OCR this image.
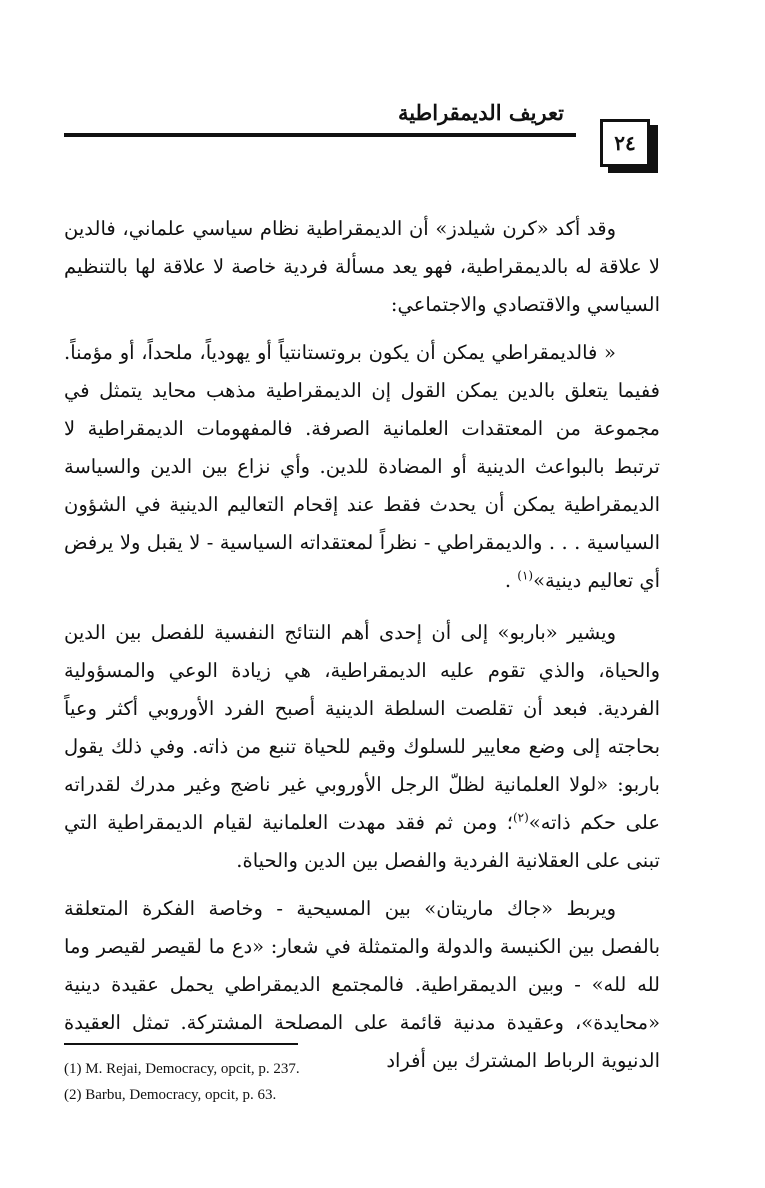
تعريف الديمقراطية
٢٤

وقد أكد «كرن شيلدز» أن الديمقراطية نظام سياسي علماني، فالدين لا علاقة له بالديمقراطية، فهو يعد مسألة فردية خاصة لا علاقة لها بالتنظيم السياسي والاقتصادي والاجتماعي:

« فالديمقراطي يمكن أن يكون بروتستانتياً أو يهودياً، ملحداً، أو مؤمناً. ففيما يتعلق بالدين يمكن القول إن الديمقراطية مذهب محايد يتمثل في مجموعة من المعتقدات العلمانية الصرفة. فالمفهومات الديمقراطية لا ترتبط بالبواعث الدينية أو المضادة للدين. وأي نزاع بين الدين والسياسة الديمقراطية يمكن أن يحدث فقط عند إقحام التعاليم الدينية في الشؤون السياسية . . . والديمقراطي - نظراً لمعتقداته السياسية - لا يقبل ولا يرفض أي تعاليم دينية»$^{(١)}$ .

ويشير «باربو» إلى أن إحدى أهم النتائج النفسية للفصل بين الدين والحياة، والذي تقوم عليه الديمقراطية، هي زيادة الوعي والمسؤولية الفردية. فبعد أن تقلصت السلطة الدينية أصبح الفرد الأوروبي أكثر وعياً بحاجته إلى وضع معايير للسلوك وقيم للحياة تنبع من ذاته. وفي ذلك يقول باربو: «لولا العلمانية لظلّ الرجل الأوروبي غير ناضج وغير مدرك لقدراته على حكم ذاته»$^{(٢)}$؛ ومن ثم فقد مهدت العلمانية لقيام الديمقراطية التي تبنى على العقلانية الفردية والفصل بين الدين والحياة.

ويربط «جاك ماريتان» بين المسيحية - وخاصة الفكرة المتعلقة بالفصل بين الكنيسة والدولة والمتمثلة في شعار: «دع ما لقيصر لقيصر وما لله لله» - وبين الديمقراطية. فالمجتمع الديمقراطي يحمل عقيدة دينية «محايدة»، وعقيدة مدنية قائمة على المصلحة المشتركة. تمثل العقيدة الدنيوية الرباط المشترك بين أفراد

(1) M. Rejai, Democracy, opcit, p. 237.
(2) Barbu, Democracy, opcit, p. 63.
